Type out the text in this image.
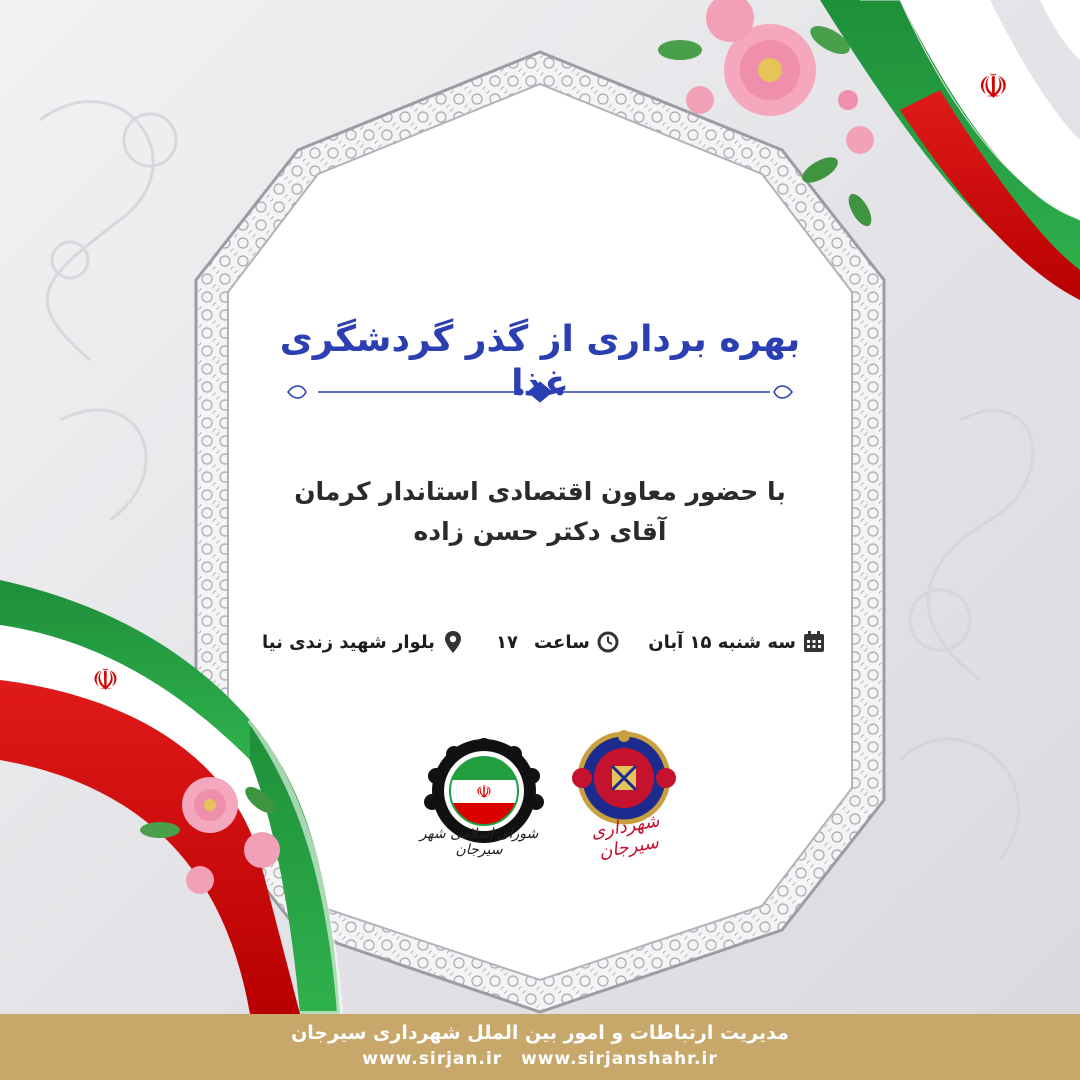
☫
☫
بهره برداری از گذر گردشگری غذا
با حضور معاون اقتصادی استاندار کرمان
آقای دکتر حسن زاده
سه شنبه ۱۵ آبان
ساعت
۱۷
بلوار شهید زندی نیا
☫
شورای اسلامی شهر سیرجان
شهرداری سیرجان
مدیریت ارتباطات و امور بین الملل شهرداری سیرجان
www.sirjan.ir www.sirjanshahr.ir
